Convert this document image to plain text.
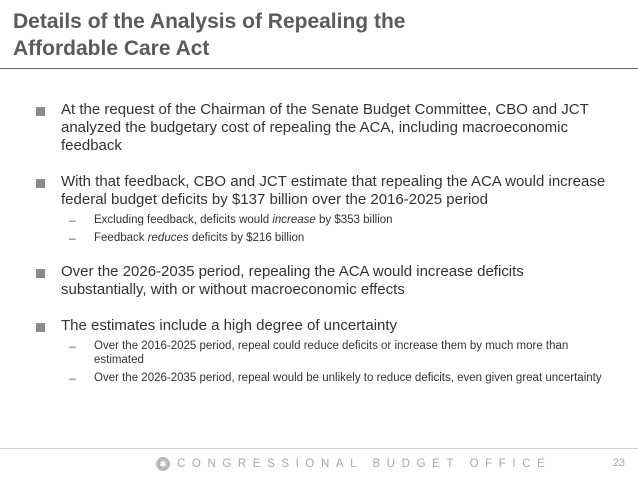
Details of the Analysis of Repealing the
Affordable Care Act
At the request of the Chairman of the Senate Budget Committee, CBO and JCT analyzed the budgetary cost of repealing the ACA, including macroeconomic feedback
With that feedback, CBO and JCT estimate that repealing the ACA would increase federal budget deficits by $137 billion over the 2016-2025 period
–	Excluding feedback, deficits would increase by $353 billion
–	Feedback reduces deficits by $216 billion
Over the 2026-2035 period, repealing the ACA would increase deficits substantially, with or without macroeconomic effects
The estimates include a high degree of uncertainty
–	Over the 2016-2025 period, repeal could reduce deficits or increase them by much more than estimated
–	Over the 2026-2035 period, repeal would be unlikely to reduce deficits, even given great uncertainty
✱ CONGRESSIONAL BUDGET OFFICE	23
